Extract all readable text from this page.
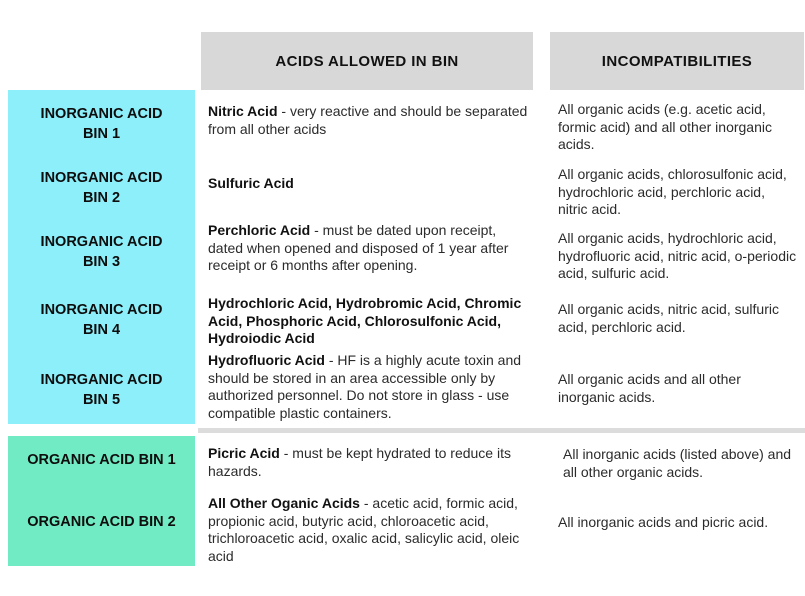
ACIDS ALLOWED IN BIN	INCOMPATIBILITIES
INORGANIC ACID
BIN 1
INORGANIC ACID
BIN 2
INORGANIC ACID
BIN 3
INORGANIC ACID
BIN 4
INORGANIC ACID
BIN 5
ORGANIC ACID BIN 1
ORGANIC ACID BIN 2
Nitric Acid - very reactive and should be separated from all other acids
Sulfuric Acid
Perchloric Acid - must be dated upon receipt, dated when opened and disposed of 1 year after receipt or 6 months after opening.
Hydrochloric Acid, Hydrobromic Acid, Chromic Acid, Phosphoric Acid, Chlorosulfonic Acid, Hydroiodic Acid
Hydrofluoric Acid - HF is a highly acute toxin and should be stored in an area accessible only by authorized personnel. Do not store in glass - use compatible plastic containers.
Picric Acid - must be kept hydrated to reduce its hazards.
All Other Oganic Acids - acetic acid, formic acid, propionic acid, butyric acid, chloroacetic acid, trichloroacetic acid, oxalic acid, salicylic acid, oleic acid
All organic acids (e.g. acetic acid, formic acid) and all other inorganic acids.
All organic acids, chlorosulfonic acid, hydrochloric acid, perchloric acid, nitric acid.
All organic acids, hydrochloric acid, hydrofluoric acid, nitric acid, o-periodic acid, sulfuric acid.
All organic acids, nitric acid, sulfuric acid, perchloric acid.
All organic acids and all other inorganic acids.
All inorganic acids (listed above) and all other organic acids.
All inorganic acids and picric acid.
